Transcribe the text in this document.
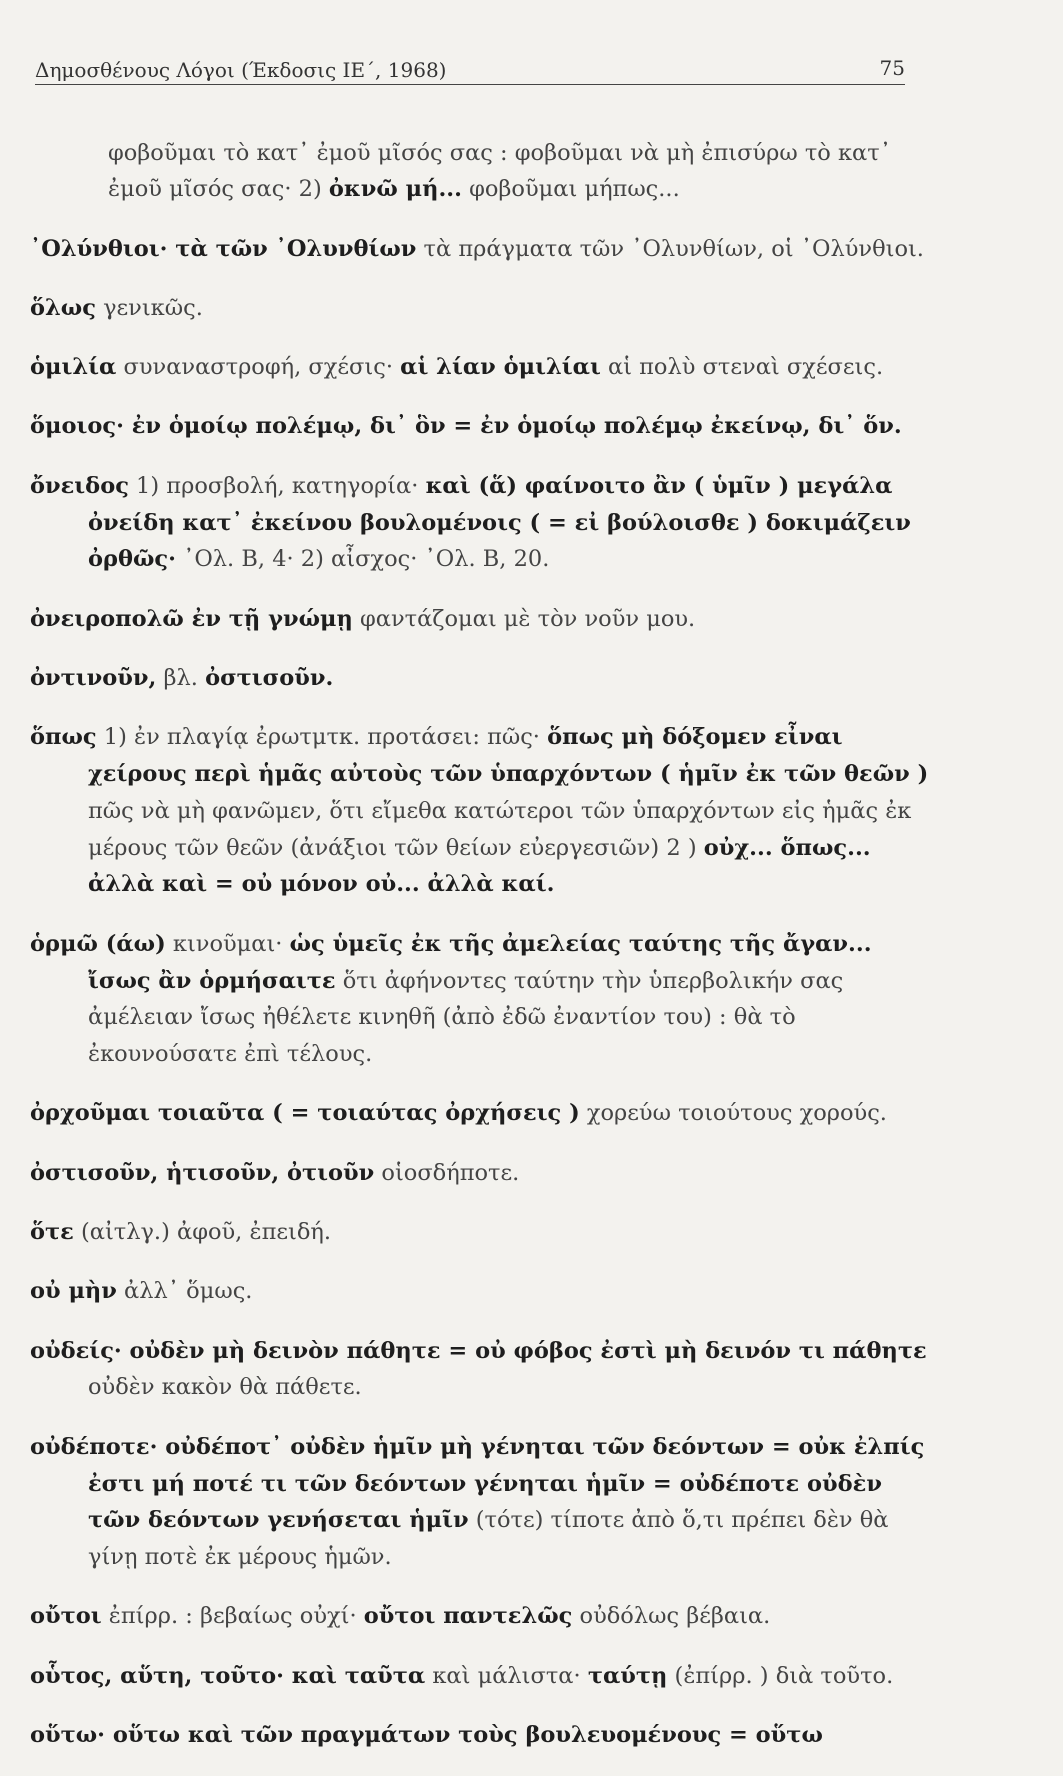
Δημοσθένους Λόγοι (Έκδοσις ΙΕ΄, 1968)	75

φοβοῦμαι τὸ κατ᾽ ἐμοῦ μῖσός σας : φοβοῦμαι νὰ μὴ ἐπισύρω τὸ κατ᾽ ἐμοῦ μῖσός σας· 2) ὀκνῶ μή... φοβοῦμαι μήπως...

᾿Ολύνθιοι· τὰ τῶν ᾿Ολυνθίων τὰ πράγματα τῶν ᾿Ολυνθίων, οἱ ᾿Ολύνθιοι.

ὅλως γενικῶς.

ὁμιλία συναναστροφή, σχέσις· αἱ λίαν ὁμιλίαι αἱ πολὺ στεναὶ σχέσεις.

ὅμοιος· ἐν ὁμοίῳ πολέμῳ, δι᾽ ὃν = ἐν ὁμοίῳ πολέμῳ ἐκείνῳ, δι᾽ ὅν.

ὄνειδος 1) προσβολή, κατηγορία· καὶ (ἅ) φαίνοιτο ἂν ( ὑμῖν ) μεγάλα ὀνείδη κατ᾽ ἐκείνου βουλομένοις ( = εἰ βούλοισθε ) δοκιμάζειν ὀρθῶς· ᾿Ολ. Β, 4· 2) αἶσχος· ᾿Ολ. Β, 20.

ὀνειροπολῶ ἐν τῇ γνώμῃ φαντάζομαι μὲ τὸν νοῦν μου.

ὀντινοῦν, βλ. ὀστισοῦν.

ὅπως 1) ἐν πλαγίᾳ ἐρωτμτκ. προτάσει: πῶς· ὅπως μὴ δόξομεν εἶναι χείρους περὶ ἡμᾶς αὐτοὺς τῶν ὑπαρχόντων ( ἡμῖν ἐκ τῶν θεῶν ) πῶς νὰ μὴ φανῶμεν, ὅτι εἴμεθα κατώτεροι τῶν ὑπαρχόντων εἰς ἡμᾶς ἐκ μέρους τῶν θεῶν (ἀνάξιοι τῶν θείων εὐεργεσιῶν) 2 ) οὐχ... ὅπως... ἀλλὰ καὶ = οὐ μόνον οὐ... ἀλλὰ καί.

ὁρμῶ (άω) κινοῦμαι· ὡς ὑμεῖς ἐκ τῆς ἀμελείας ταύτης τῆς ἄγαν... ἴσως ἂν ὁρμήσαιτε ὅτι ἀφήνοντες ταύτην τὴν ὑπερβολικήν σας ἀμέλειαν ἴσως ἠθέλετε κινηθῆ (ἀπὸ ἐδῶ ἐναντίον του) : θὰ τὸ ἐκουνούσατε ἐπὶ τέλους.

ὀρχοῦμαι τοιαῦτα ( = τοιαύτας ὀρχήσεις ) χορεύω τοιούτους χορούς.

ὀστισοῦν, ἡτισοῦν, ὀτιοῦν οἱοσδήποτε.

ὅτε (αἰτλγ.) ἀφοῦ, ἐπειδή.

οὐ μὴν ἀλλ᾽ ὅμως.

οὐδείς· οὐδὲν μὴ δεινὸν πάθητε = οὐ φόβος ἐστὶ μὴ δεινόν τι πάθητε οὐδὲν κακὸν θὰ πάθετε.

οὐδέποτε· οὐδέποτ᾽ οὐδὲν ἡμῖν μὴ γένηται τῶν δεόντων = οὐκ ἐλπίς ἐστι μή ποτέ τι τῶν δεόντων γένηται ἡμῖν = οὐδέποτε οὐδὲν τῶν δεόντων γενήσεται ἡμῖν (τότε) τίποτε ἀπὸ ὅ,τι πρέπει δὲν θὰ γίνῃ ποτὲ ἐκ μέρους ἡμῶν.

οὔτοι ἐπίρρ. : βεβαίως οὐχί· οὔτοι παντελῶς οὐδόλως βέβαια.

οὗτος, αὕτη, τοῦτο· καὶ ταῦτα καὶ μάλιστα· ταύτῃ (ἐπίρρ. ) διὰ τοῦτο.

οὕτω· οὕτω καὶ τῶν πραγμάτων τοὺς βουλευομένους = οὕτω
